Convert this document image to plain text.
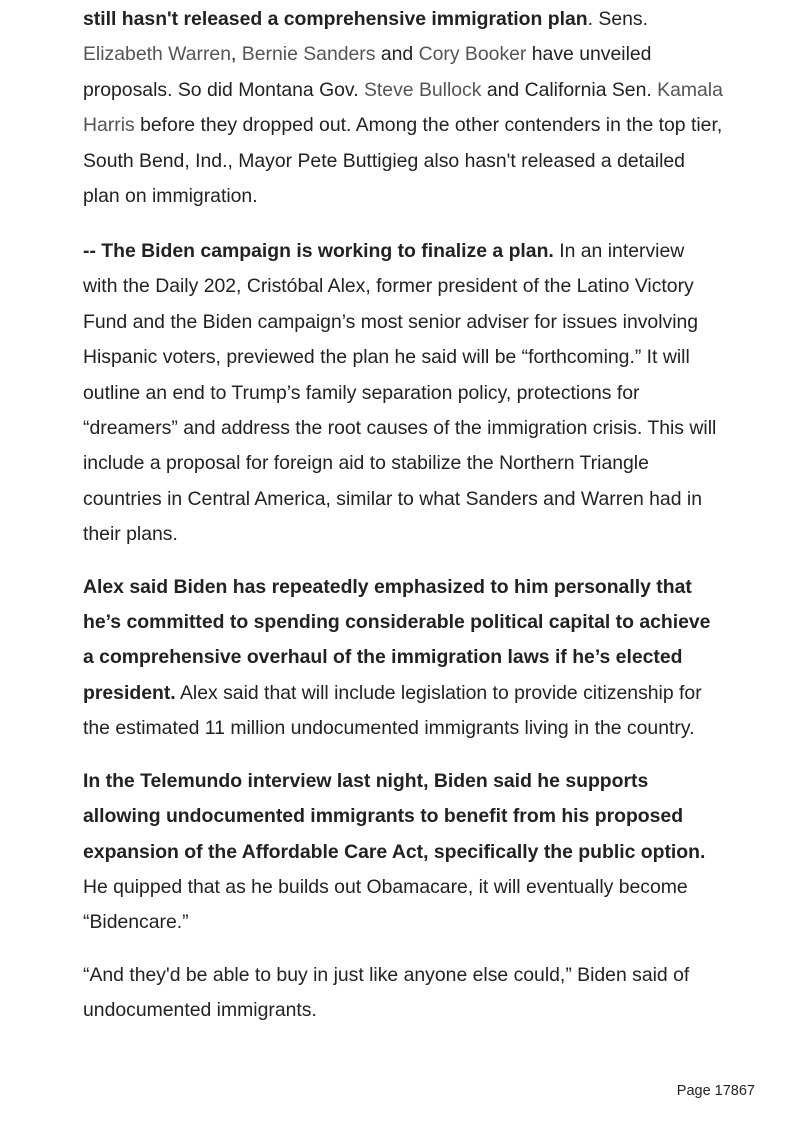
still hasn't released a comprehensive immigration plan. Sens. Elizabeth Warren, Bernie Sanders and Cory Booker have unveiled proposals. So did Montana Gov. Steve Bullock and California Sen. Kamala Harris before they dropped out. Among the other contenders in the top tier, South Bend, Ind., Mayor Pete Buttigieg also hasn't released a detailed plan on immigration.

-- The Biden campaign is working to finalize a plan. In an interview with the Daily 202, Cristóbal Alex, former president of the Latino Victory Fund and the Biden campaign’s most senior adviser for issues involving Hispanic voters, previewed the plan he said will be “forthcoming.” It will outline an end to Trump’s family separation policy, protections for “dreamers” and address the root causes of the immigration crisis. This will include a proposal for foreign aid to stabilize the Northern Triangle countries in Central America, similar to what Sanders and Warren had in their plans.

Alex said Biden has repeatedly emphasized to him personally that he’s committed to spending considerable political capital to achieve a comprehensive overhaul of the immigration laws if he’s elected president. Alex said that will include legislation to provide citizenship for the estimated 11 million undocumented immigrants living in the country.

In the Telemundo interview last night, Biden said he supports allowing undocumented immigrants to benefit from his proposed expansion of the Affordable Care Act, specifically the public option. He quipped that as he builds out Obamacare, it will eventually become “Bidencare.”

“And they'd be able to buy in just like anyone else could,” Biden said of undocumented immigrants.
Page 17867
